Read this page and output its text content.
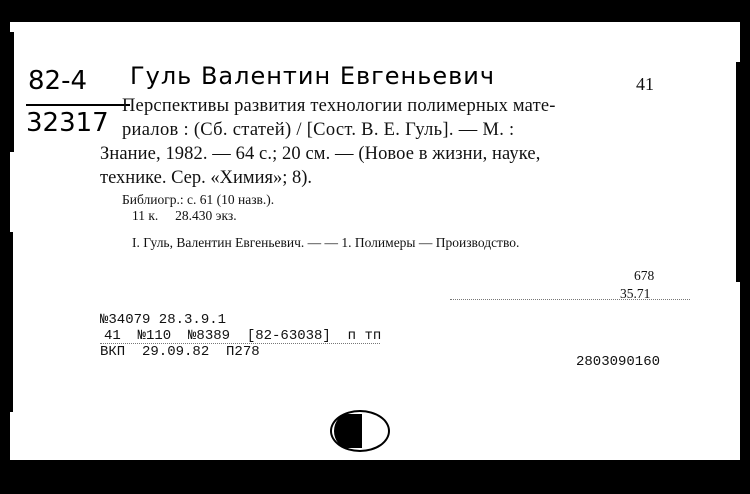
82-4
32317
Гуль Валентин Евгеньевич	41
Перспективы развития технологии полимерных мате-
риалов : (Сб. статей) / [Сост. В. Е. Гуль]. — М. :
Знание, 1982. — 64 с.; 20 см. — (Новое в жизни, науке,
технике. Сер. «Химия»; 8).
Библиогр.: с. 61 (10 назв.).
11 к.     28.430 экз.
I. Гуль, Валентин Евгеньевич. — — 1. Полимеры — Производство.
678
35.71
№34079 28.3.9.1
41  №110  №8389  [82-63038]  п тп
ВКП  29.09.82  П278
2803090160
